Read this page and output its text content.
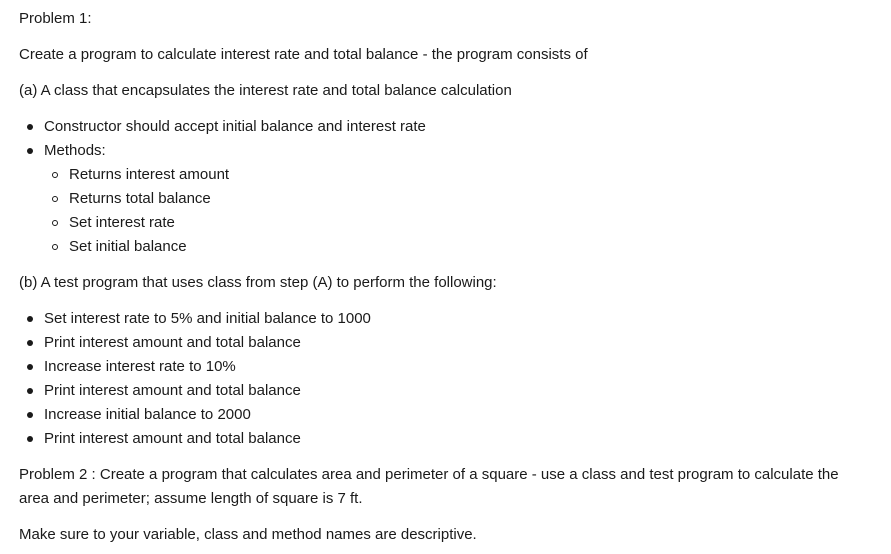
Problem 1:

Create a program to calculate interest rate and total balance - the program consists of

(a) A class that encapsulates the interest rate and total balance calculation

Constructor should accept initial balance and interest rate
Methods:
Returns interest amount
Returns total balance
Set interest rate
Set initial balance

(b) A test program that uses class from step (A) to perform the following:

Set interest rate to 5% and initial balance to 1000
Print interest amount and total balance
Increase interest rate to 10%
Print interest amount and total balance
Increase initial balance to 2000
Print interest amount and total balance

Problem 2 : Create a program that calculates area and perimeter of a square - use a class and test program to calculate the area and perimeter; assume length of square is 7 ft.

Make sure to your variable, class and method names are descriptive.
